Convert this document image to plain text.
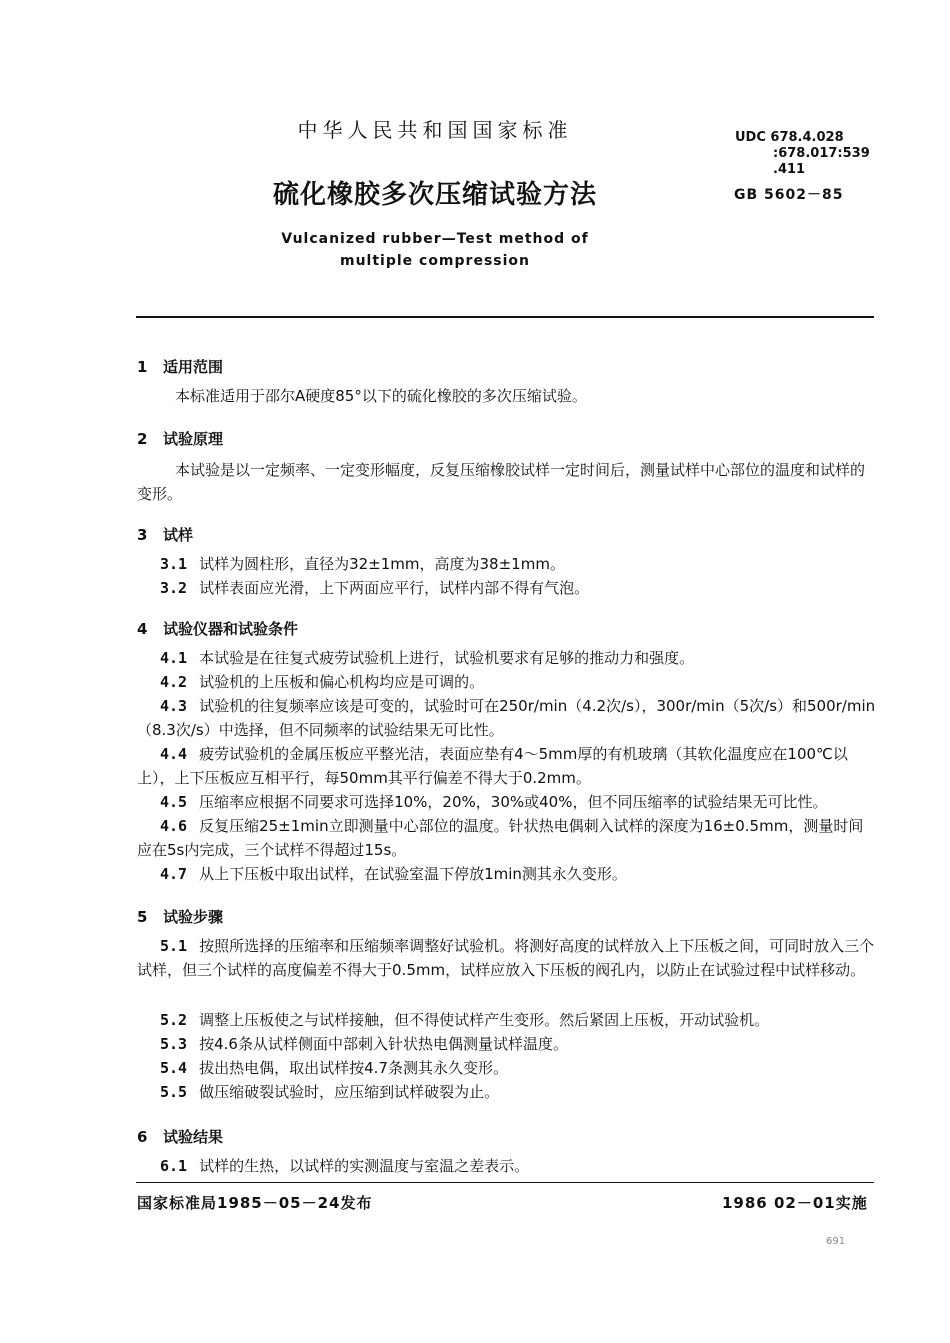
中华人民共和国国家标准	UDC 678.4.028
:678.017:539
.411
硫化橡胶多次压缩试验方法	GB 5602－85
Vulcanized rubber—Test method of
multiple compression
1 适用范围
本标准适用于邵尔A硬度85°以下的硫化橡胶的多次压缩试验。
2 试验原理
本试验是以一定频率、一定变形幅度，反复压缩橡胶试样一定时间后，测量试样中心部位的温度和试样的变形。
3 试样
3.1 试样为圆柱形，直径为32±1mm，高度为38±1mm。
3.2 试样表面应光滑，上下两面应平行，试样内部不得有气泡。
4 试验仪器和试验条件
4.1 本试验是在往复式疲劳试验机上进行，试验机要求有足够的推动力和强度。
4.2 试验机的上压板和偏心机构均应是可调的。
4.3 试验机的往复频率应该是可变的，试验时可在250r/min（4.2次/s），300r/min（5次/s）和500r/min（8.3次/s）中选择，但不同频率的试验结果无可比性。
4.4 疲劳试验机的金属压板应平整光洁，表面应垫有4～5mm厚的有机玻璃（其软化温度应在100℃以上），上下压板应互相平行，每50mm其平行偏差不得大于0.2mm。
4.5 压缩率应根据不同要求可选择10%，20%，30%或40%，但不同压缩率的试验结果无可比性。
4.6 反复压缩25±1min立即测量中心部位的温度。针状热电偶刺入试样的深度为16±0.5mm，测量时间应在5s内完成，三个试样不得超过15s。
4.7 从上下压板中取出试样，在试验室温下停放1min测其永久变形。
5 试验步骤
5.1 按照所选择的压缩率和压缩频率调整好试验机。将测好高度的试样放入上下压板之间，可同时放入三个试样，但三个试样的高度偏差不得大于0.5mm，试样应放入下压板的阀孔内，以防止在试验过程中试样移动。
5.2 调整上压板使之与试样接触，但不得使试样产生变形。然后紧固上压板，开动试验机。
5.3 按4.6条从试样侧面中部刺入针状热电偶测量试样温度。
5.4 拔出热电偶，取出试样按4.7条测其永久变形。
5.5 做压缩破裂试验时，应压缩到试样破裂为止。
6 试验结果
6.1 试样的生热，以试样的实测温度与室温之差表示。
国家标准局1985－05－24发布	1986 02－01实施
691
